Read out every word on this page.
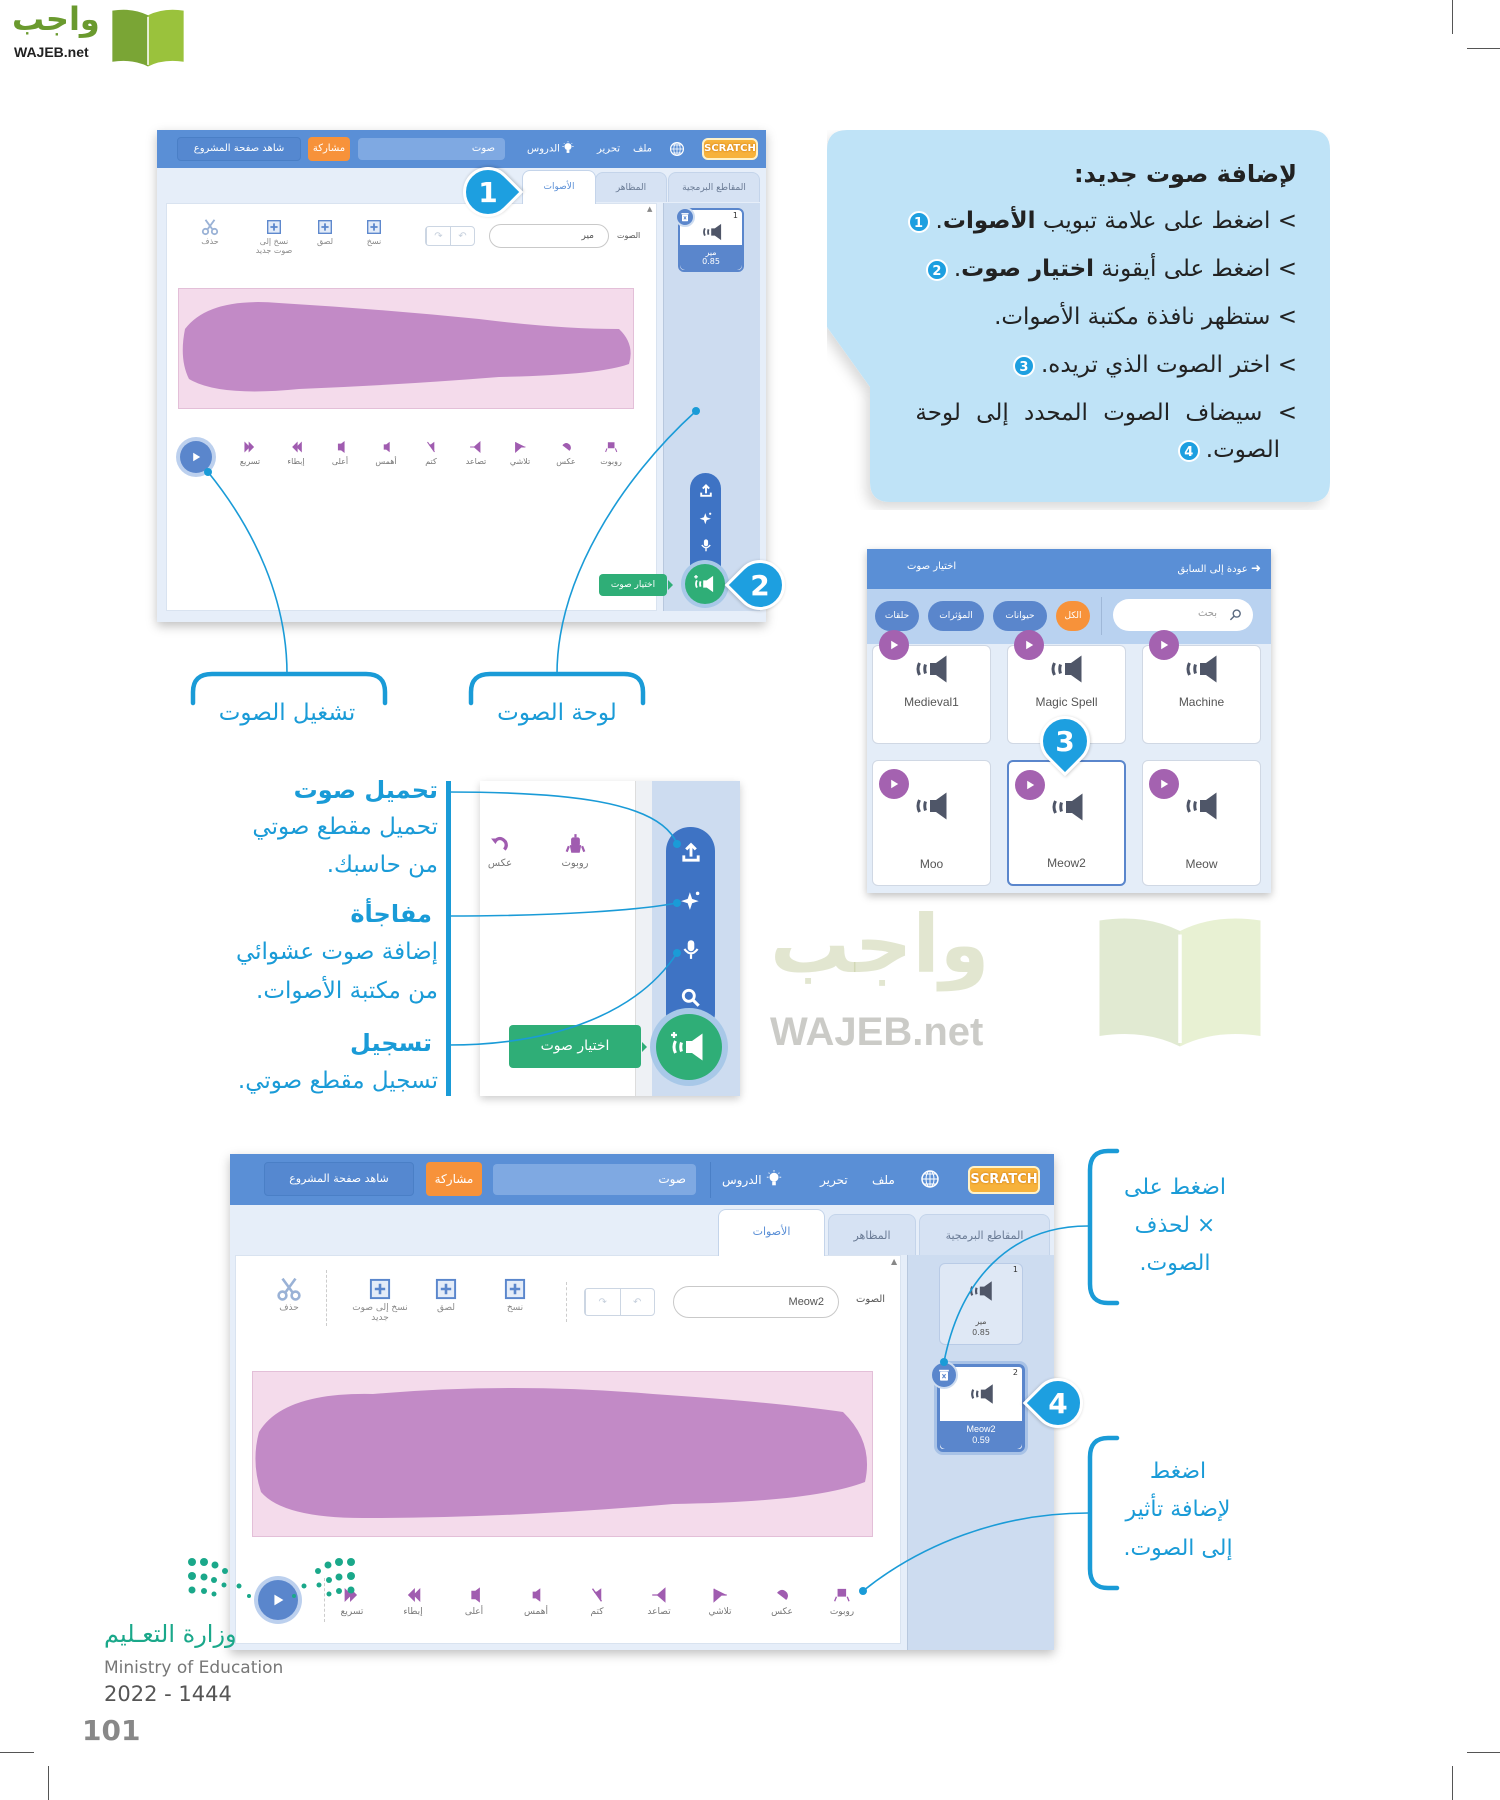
واجب
WAJEB.net
SCRATCH
ملف
تحرير
الدروس
صوت
مشاركة
شاهد صفحة المشروع
المقاطع البرمجية
المظاهر
الأصوات
الصوت
مير
↷	↶
نسخ
لصق
نسخ إلى صوت جديد
حذف
تسريع	إبطاء	أعلى	أهمس	كتم	تصاعد	تلاشي	عكس	روبوت
▲
1
مير
0.85
اختيار صوت
لإضافة صوت جديد:
> اضغط على علامة تبويب الأصوات.1
> اضغط على أيقونة اختيار صوت.2
> ستظهر نافذة مكتبة الأصوات.
> اختر الصوت الذي تريده.3
> سيضاف الصوت المحدد إلى لوحة
الصوت.4
➜ عودة إلى السابق
اختيار صوت
بحث
الكل
حيوانات
المؤثرات
حلقات
Machine
Magic Spell
Medieval1
Meow
Meow2
Moo
تشغيل الصوت	لوحة الصوت
تحميل صوت
تحميل مقطع صوتي
من حاسبك.
مفاجأة
إضافة صوت عشوائي
من مكتبة الأصوات.
تسجيل
تسجيل مقطع صوتي.
واجب
WAJEB.net
عكس	روبوت
اختيار صوت
SCRATCH
ملف
تحرير
الدروس
صوت
مشاركة
شاهد صفحة المشروع
المقاطع البرمجية
المظاهر
الأصوات
الصوت
Meow2
↷	↶
نسخ
لصق
نسخ إلى صوت جديد
حذف
تسريع	إبطاء	أعلى	أهمس	كتم	تصاعد	تلاشي	عكس	روبوت
▲
1
مير
0.85
2
Meow2
0.59
اضغط على
× لحذف
الصوت.
اضغط
لإضافة تأثير
إلى الصوت.
1
2
3
4
وزارة التعـليم
Ministry of Education
2022 - 1444
101
